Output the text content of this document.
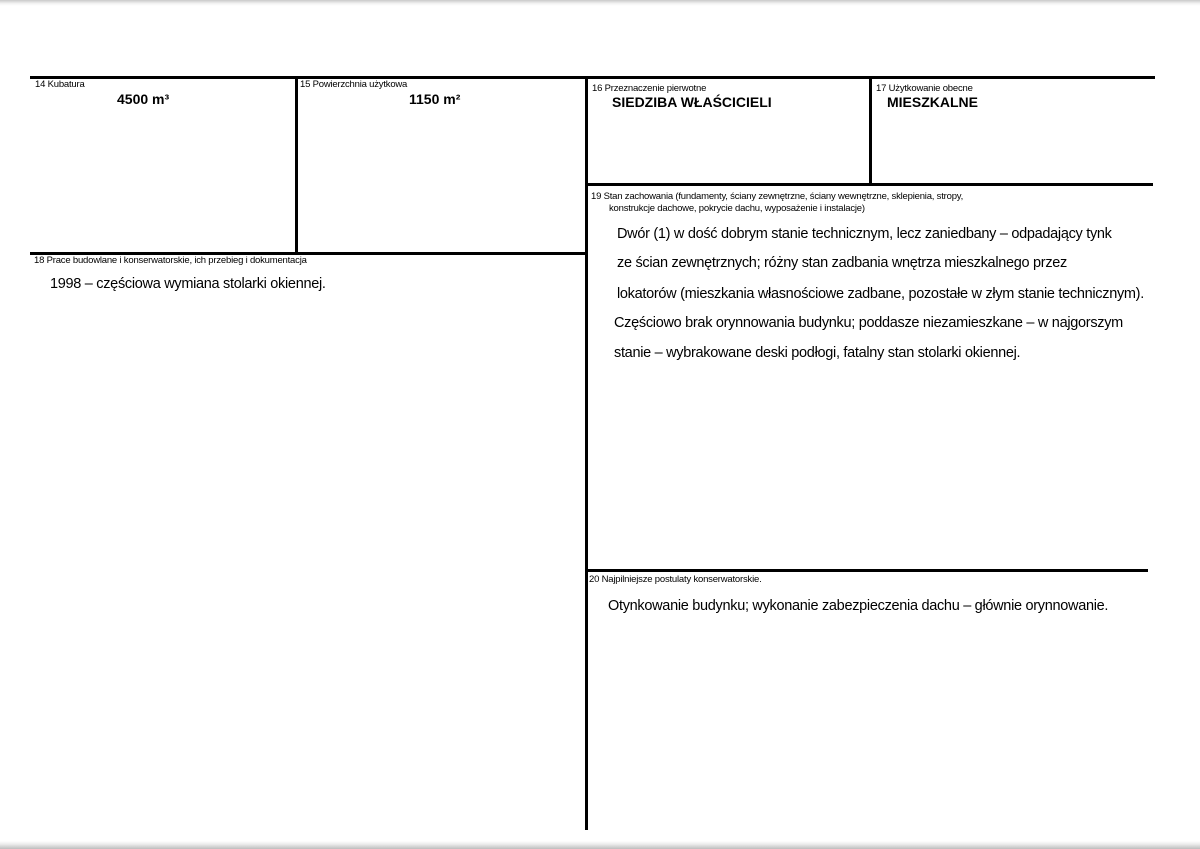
14 Kubatura
4500 m³
15 Powierzchnia użytkowa
1150 m²
16 Przeznaczenie pierwotne
SIEDZIBA WŁAŚCICIELI
17 Użytkowanie obecne
MIESZKALNE
19 Stan zachowania (fundamenty, ściany zewnętrzne, ściany wewnętrzne, sklepienia, stropy,
konstrukcje dachowe, pokrycie dachu, wyposażenie i instalacje)
Dwór (1) w dość dobrym stanie technicznym, lecz zaniedbany – odpadający tynk
ze ścian zewnętrznych; różny stan zadbania wnętrza mieszkalnego przez
lokatorów (mieszkania własnościowe zadbane, pozostałe w złym stanie technicznym).
Częściowo brak orynnowania budynku; poddasze niezamieszkane – w najgorszym
stanie – wybrakowane deski podłogi, fatalny stan stolarki okiennej.
18 Prace budowlane i konserwatorskie, ich przebieg i dokumentacja
1998 – częściowa wymiana stolarki okiennej.
20 Najpilniejsze postulaty konserwatorskie.
Otynkowanie budynku; wykonanie zabezpieczenia dachu – głównie orynnowanie.
